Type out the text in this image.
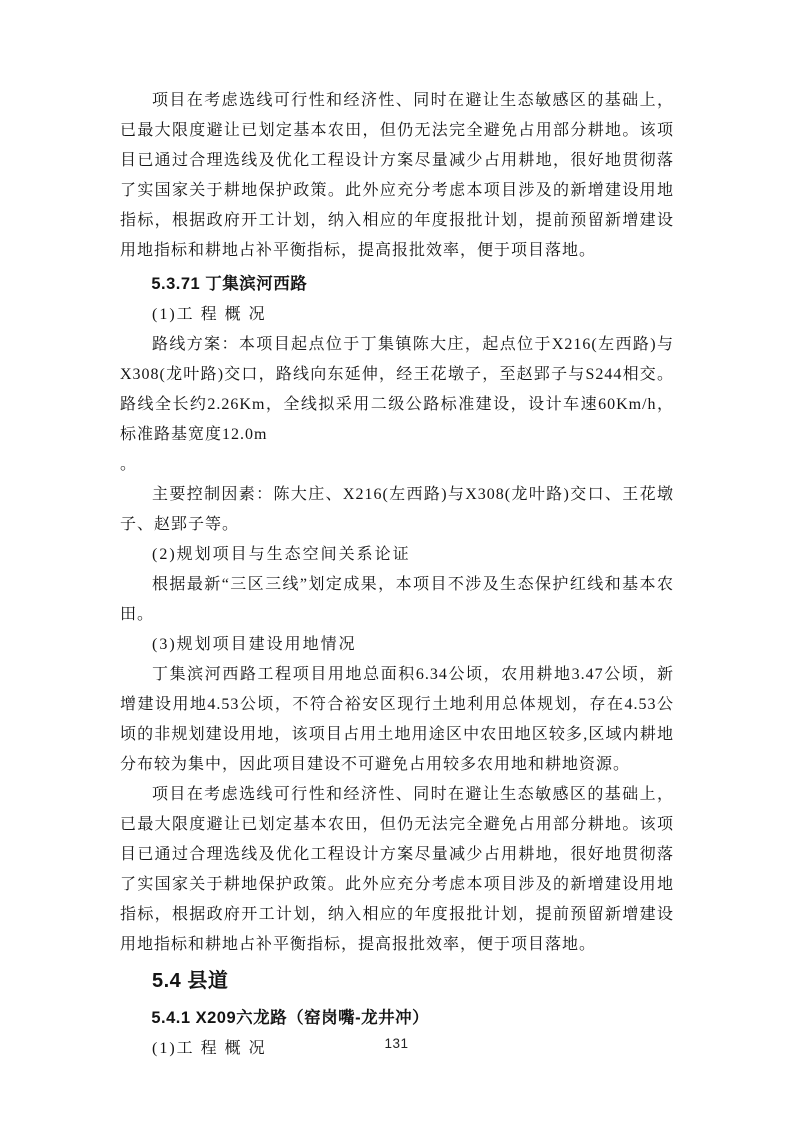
项目在考虑选线可行性和经济性、同时在避让生态敏感区的基础上，已最大限度避让已划定基本农田，但仍无法完全避免占用部分耕地。该项目已通过合理选线及优化工程设计方案尽量减少占用耕地，很好地贯彻落了实国家关于耕地保护政策。此外应充分考虑本项目涉及的新增建设用地指标，根据政府开工计划，纳入相应的年度报批计划，提前预留新增建设用地指标和耕地占补平衡指标，提高报批效率，便于项目落地。

5.3.71 丁集滨河西路

(1)工 程 概 况

路线方案：本项目起点位于丁集镇陈大庄，起点位于X216(左西路)与X308(龙叶路)交口，路线向东延伸，经王花墩子，至赵郢子与S244相交。路线全长约2.26Km，全线拟采用二级公路标准建设，设计车速60Km/h，标准路基宽度12.0m

。

主要控制因素：陈大庄、X216(左西路)与X308(龙叶路)交口、王花墩子、赵郢子等。

(2)规划项目与生态空间关系论证

根据最新“三区三线”划定成果，本项目不涉及生态保护红线和基本农田。

(3)规划项目建设用地情况

丁集滨河西路工程项目用地总面积6.34公顷，农用耕地3.47公顷，新增建设用地4.53公顷，不符合裕安区现行土地利用总体规划，存在4.53公顷的非规划建设用地，该项目占用土地用途区中农田地区较多,区域内耕地分布较为集中，因此项目建设不可避免占用较多农用地和耕地资源。

项目在考虑选线可行性和经济性、同时在避让生态敏感区的基础上，已最大限度避让已划定基本农田，但仍无法完全避免占用部分耕地。该项目已通过合理选线及优化工程设计方案尽量减少占用耕地，很好地贯彻落了实国家关于耕地保护政策。此外应充分考虑本项目涉及的新增建设用地指标，根据政府开工计划，纳入相应的年度报批计划，提前预留新增建设用地指标和耕地占补平衡指标，提高报批效率，便于项目落地。

5.4 县道
5.4.1 X209六龙路（窑岗嘴-龙井冲）

(1)工 程 概 况	131
